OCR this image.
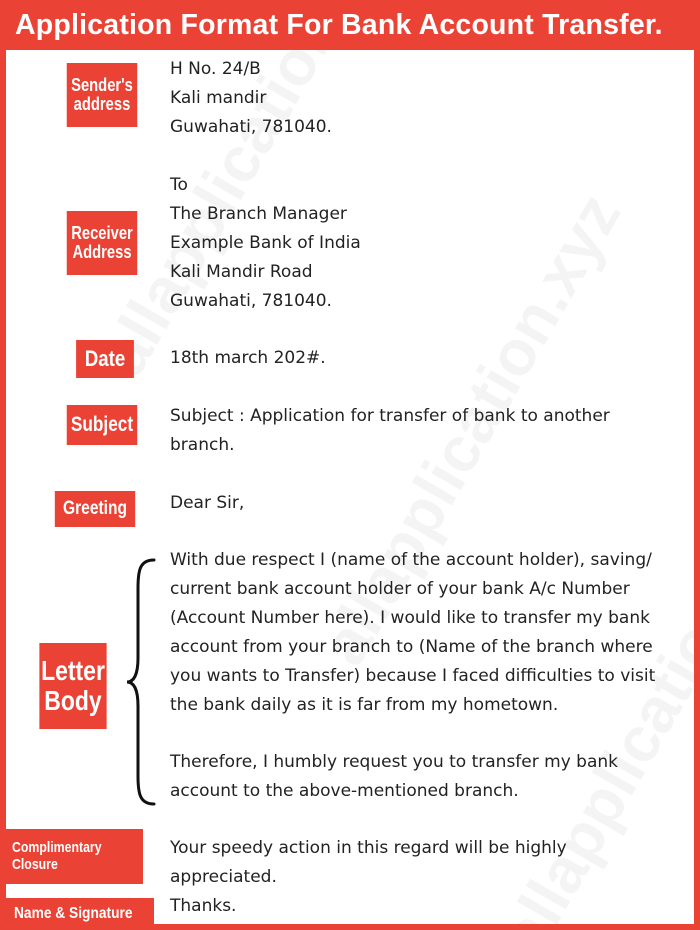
Application Format For Bank Account Transfer.
Sender's address
Receiver Address
Date
Subject
Greeting
Letter Body
Complimentary Closure
Name & Signature
H No. 24/B
Kali mandir
Guwahati, 781040.
To
The Branch Manager
Example Bank of India
Kali Mandir Road
Guwahati, 781040.
18th march 202#.
Subject : Application for transfer of bank to another
branch.
Dear Sir,
With due respect I (name of the account holder), saving/
current bank account holder of your bank A/c Number
(Account Number here). I would like to transfer my bank
account from your branch to (Name of the branch where
you wants to Transfer) because I faced difficulties to visit
the bank daily as it is far from my hometown.
Therefore, I humbly request you to transfer my bank
account to the above-mentioned branch.
Your speedy action in this regard will be highly
appreciated.
Thanks.
